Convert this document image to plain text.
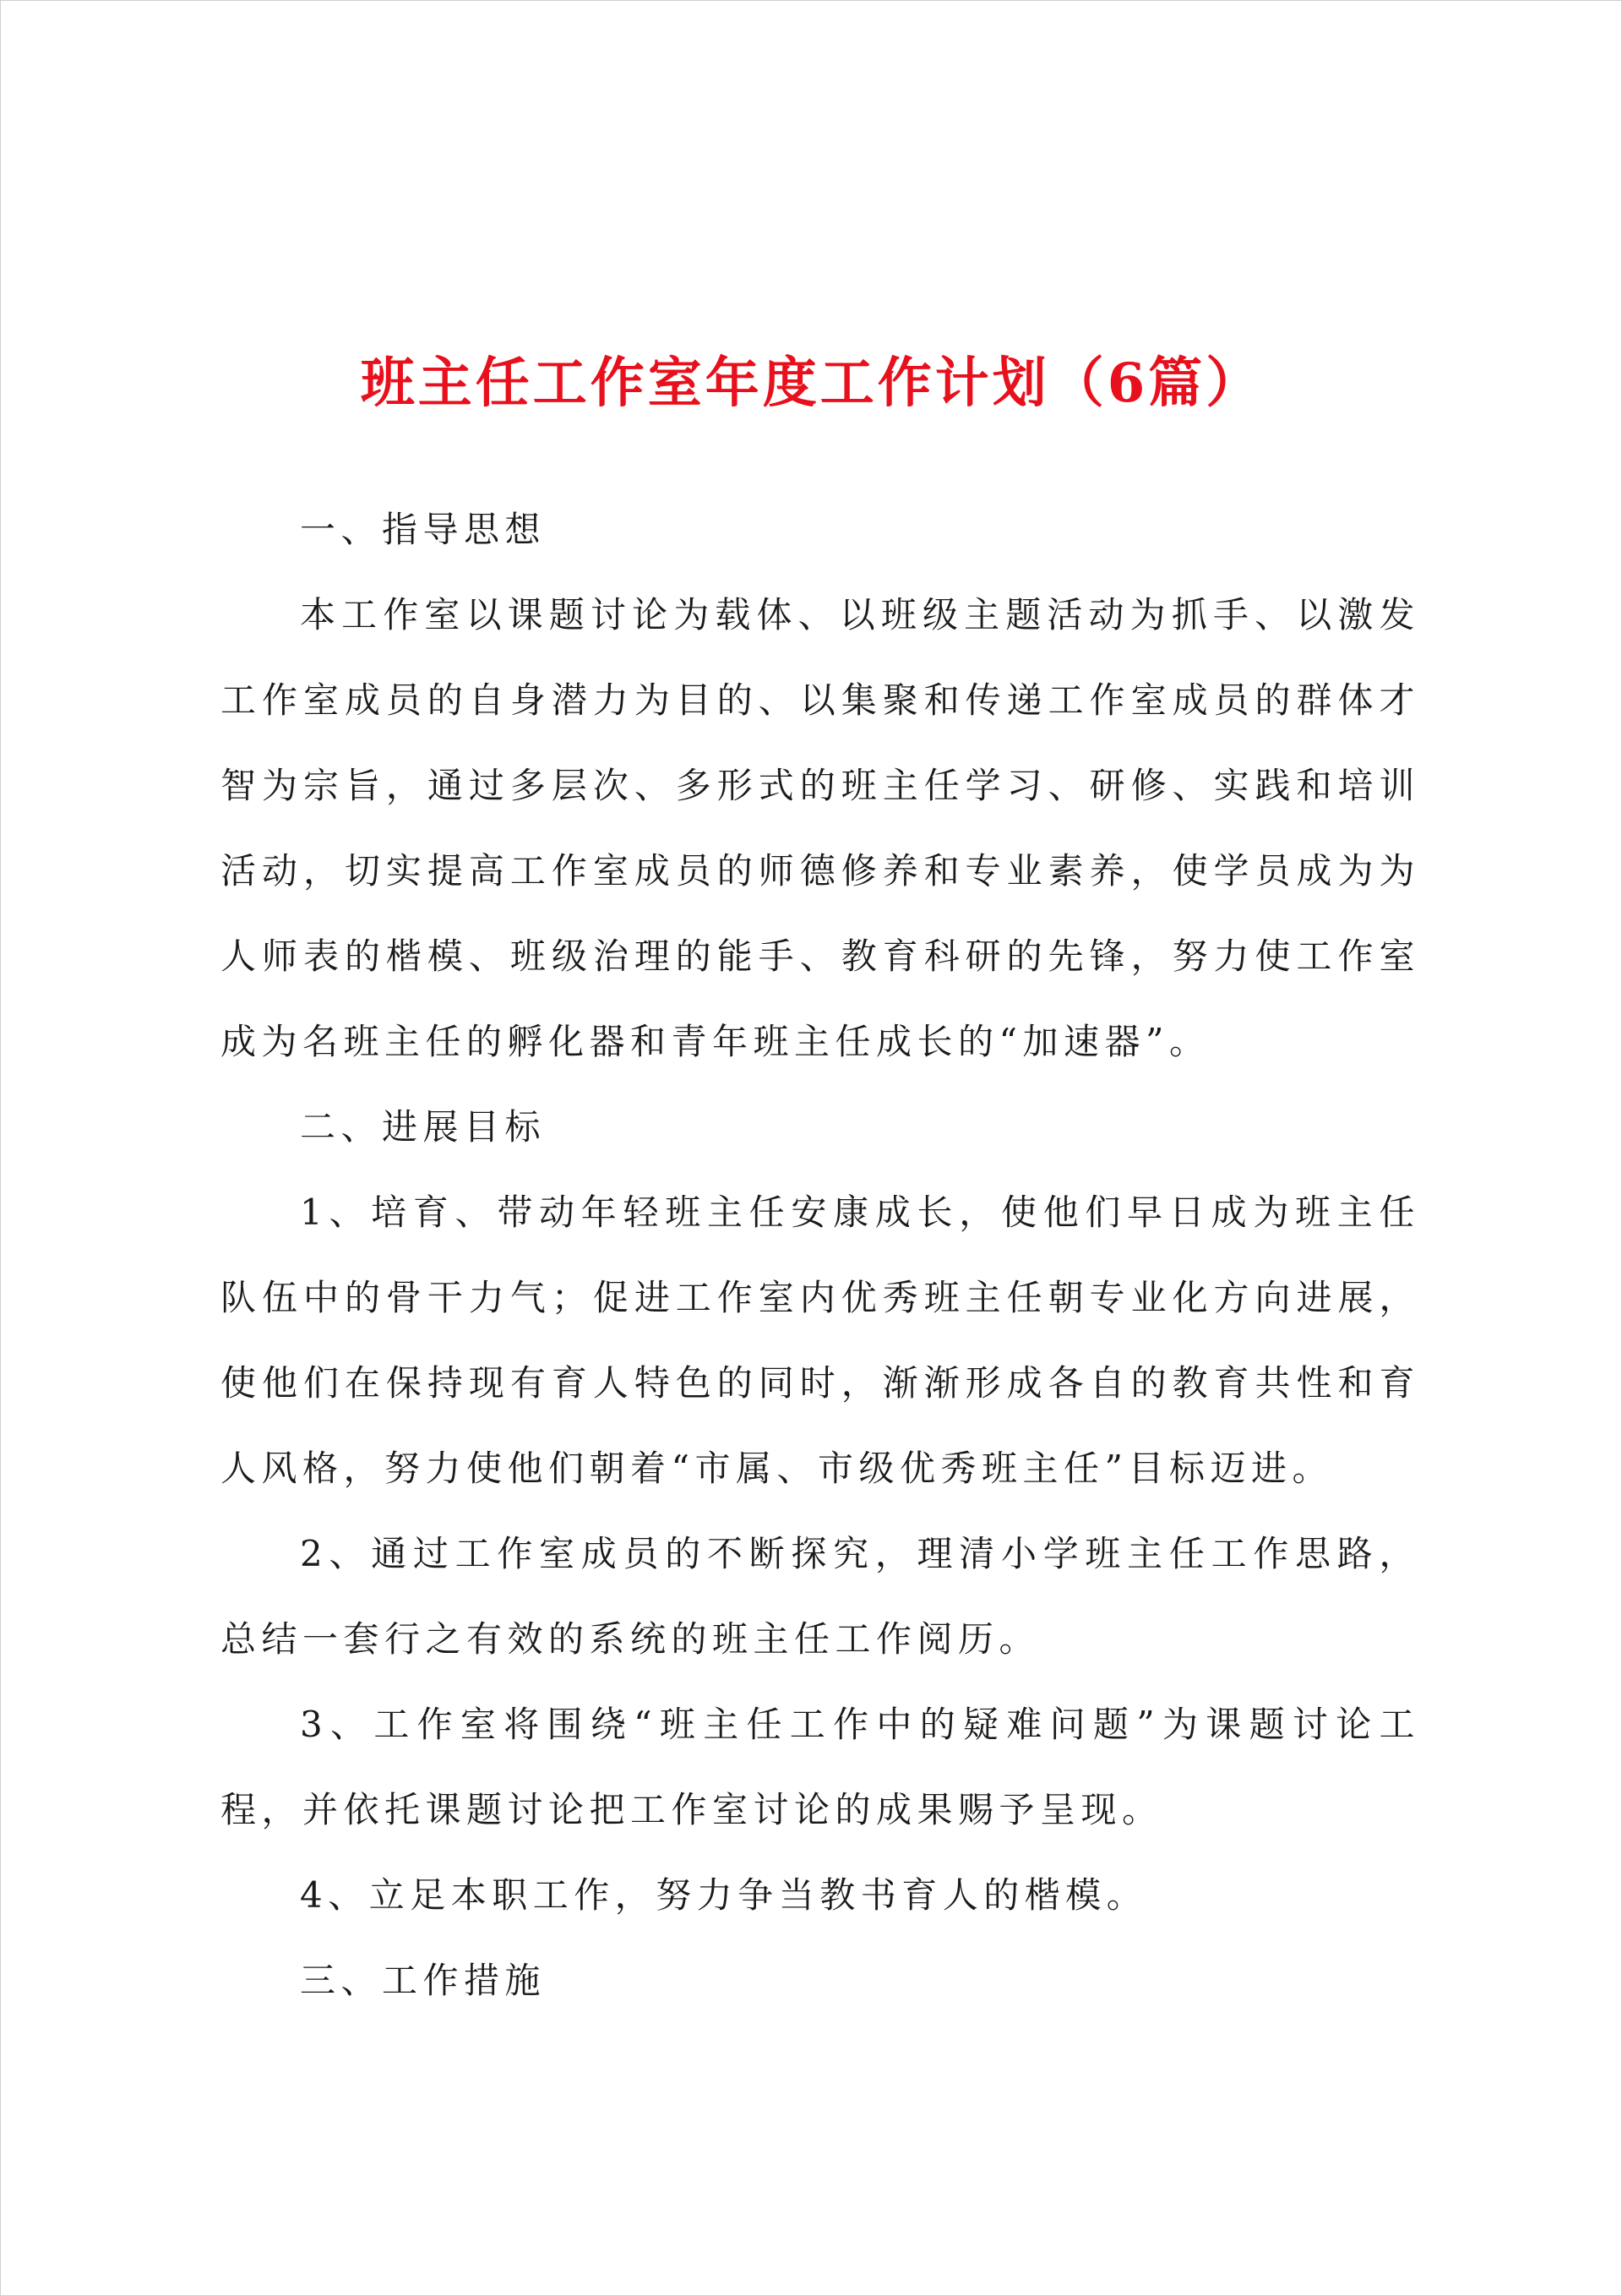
班主任工作室年度工作计划（6篇）

一、指导思想

本工作室以课题讨论为载体、以班级主题活动为抓手、以激发工作室成员的自身潜力为目的、以集聚和传递工作室成员的群体才智为宗旨，通过多层次、多形式的班主任学习、研修、实践和培训活动，切实提高工作室成员的师德修养和专业素养，使学员成为为人师表的楷模、班级治理的能手、教育科研的先锋，努力使工作室成为名班主任的孵化器和青年班主任成长的“加速器”。

二、进展目标

1、培育、带动年轻班主任安康成长，使他们早日成为班主任队伍中的骨干力气；促进工作室内优秀班主任朝专业化方向进展，使他们在保持现有育人特色的同时，渐渐形成各自的教育共性和育人风格，努力使他们朝着“市属、市级优秀班主任”目标迈进。

2、通过工作室成员的不断探究，理清小学班主任工作思路，总结一套行之有效的系统的班主任工作阅历。

3、工作室将围绕“班主任工作中的疑难问题”为课题讨论工程，并依托课题讨论把工作室讨论的成果赐予呈现。

4、立足本职工作，努力争当教书育人的楷模。

三、工作措施
